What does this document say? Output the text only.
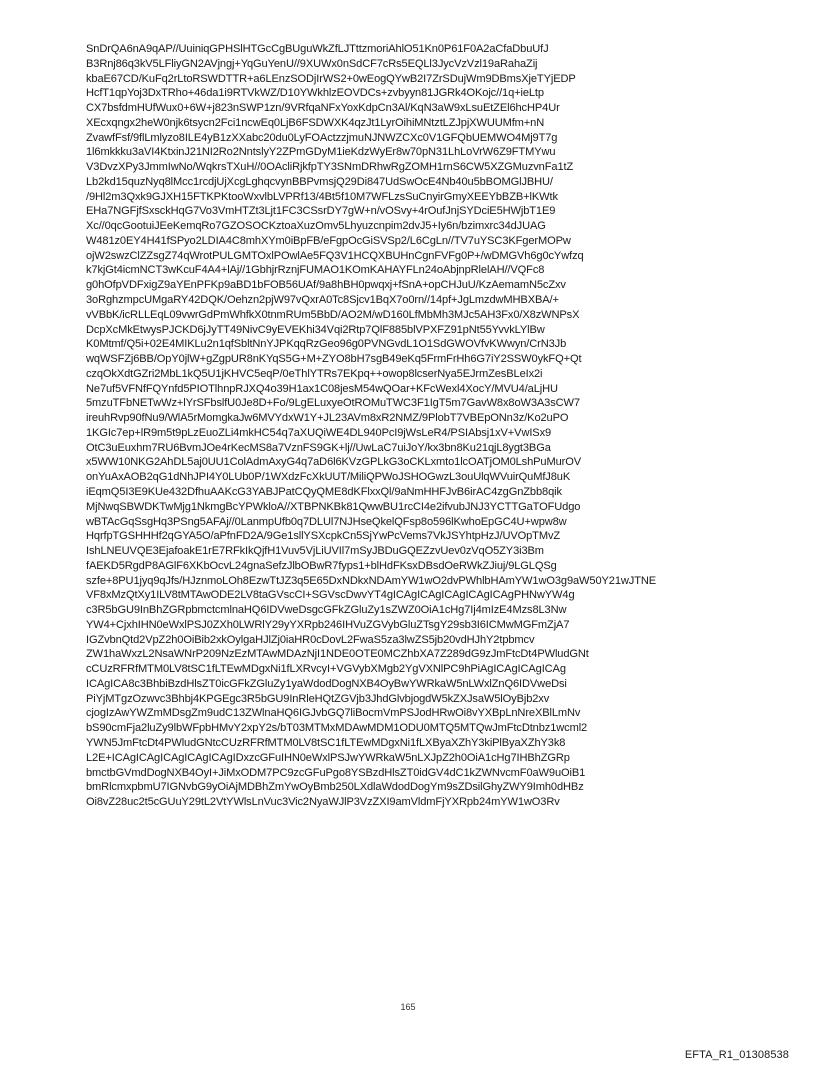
SnDrQA6nA9qAP//UuiniqGPHSlHTGcCgBUguWkZfLJTttzmoriAhlO51Kn0P61F0A2aCfaDbuUfJ
B3Rnj86q3kV5LFliyGN2AVjngj+YqGuYenU//9XUWx0nSdCF7cRs5EQLl3JycVzVzl19aRahaZij
kbaE67CD/KuFq2rLtoRSWDTTR+a6LEnzSODjIrWS2+0wEogQYwB2I7ZrSDujWm9DBmsXjeTYjEDP
HcfT1qpYoj3DxTRho+46da1i9RTVkWZ/D10YWkhlzEOVDCs+zvbyyn81JGRk4OKojc//1q+ieLtp
CX7bsfdmHUfWux0+6W+j823nSWP1zn/9VRfqaNFxYoxKdpCn3Al/KqN3aW9xLsuEtZEl6hcHP4Ur
XEcxqngx2heW0njk6tsycn2Fci1ncwEq0LjB6FSDWXK4qzJt1LyrOihiMNtztLZJpjXWUUMfm+nN
ZvawfFsf/9flLmlyzo8ILE4yB1zXXabc20du0LyFOActzzjmuNJNWZCXc0V1GFQbUEMWO4Mj9T7g
1l6mkkku3aVI4KtxinJ21NI2Ro2NntslyY2ZPmGDyM1ieKdzWyEr8w70pN31LhLoVrW6Z9FTMYwu
V3DvzXPy3JmmIwNo/WqkrsTXuH//0OAcliRjkfpTY3SNmDRhwRgZOMH1rnS6CW5XZGMuzvnFa1tZ
Lb2kd15quzNyq8lMcc1rcdjUjXcgLghqcvynBBPvmsjQ29Di847UdSwOcE4Nb40u5bBOMGlJBHU/
/9Hl2m3Qxk9GJXH15FTKPKtooWxvlbLVPRf13/4Bt5f10M7WFLzsSuCnyirGmyXEEYbBZB+lKWtk
EHa7NGFjfSxsckHqG7Vo3VmHTZt3Ljt1FC3CSsrDY7gW+n/vOSvy+4rOufJnjSYDciE5HWjbT1E9
Xc//0qcGootuiJEeKemqRo7GZOSOCKztoaXuzOmv5Lhyuzcnpim2dvJ5+Iy6n/bzimxrc34dJUAG
W481z0EY4H41fSPyo2LDIA4C8mhXYm0iBpFB/eFgpOcGiSVSp2/L6CgLn//TV7uYSC3KFgerMOPw
ojW2swzClZZsgZ74qWrotPULGMTOxlPOwlAe5FQ3V1HCQXBUHnCgnFVFg0P+/wDMGVh6g0cYwfzq
k7kjGt4icmNCT3wKcuF4A4+lAj//1GbhjrRznjFUMAO1KOmKAHAYFLn24oAbjnpRlelAH//VQFc8
g0hOfpVDFxigZ9aYEnPFKp9aBD1bFOB56UAf/9a8hBH0pwqxj+fSnA+opCHJuU/KzAemamN5cZxv
3oRghzmpcUMgaRY42DQK/Oehzn2pjW97vQxrA0Tc8Sjcv1BqX7o0rn//14pf+JgLmzdwMHBXBA/+
vVBbK/icRLLEqL09vwrGdPmWhfkX0tnmRUm5BbD/AO2M/wD160LfMbMh3MJc5AH3Fx0/X8zWNPsX
DcpXcMkEtwysPJCKD6jJyTT49NivC9yEVEKhi34Vqi2Rtp7QlF885blVPXFZ91pNt55YvvkLYlBw
K0Mtmf/Q5i+02E4MIKLu2n1qfSbltNnYJPKqqRzGeo96g0PVNGvdL1O1SdGWOVfvKWwyn/CrN3Jb
wqWSFZj6BB/OpY0jlW+gZgpUR8nKYqS5G+M+ZYO8bH7sgB49eKq5FrmFrHh6G7iY2SSW0ykFQ+Qt
czqOkXdtGZri2MbL1kQ5U1jKHVC5eqP/0eThlYTRs7EKpq++owop8lcserNya5EJrmZesBLeIx2i
Ne7uf5VFNfFQYnfd5PIOTlhnpRJXQ4o39H1ax1C08jesM54wQOar+KFcWexl4XocY/MVU4/aLjHU
5mzuTFbNETwWz+lYrSFbslfU0Je8D+Fo/9LgELuxyeOtROMuTWC3F1IgT5m7GavW8x8oW3A3sCW7
ireuhRvp90fNu9/WlA5rMomgkaJw6MVYdxW1Y+JL23AVm8xR2NMZ/9PlobT7VBEpONn3z/Ko2uPO
1KGIc7ep+lR9m5t9pLzEuoZLi4mkHC54q7aXUQiWE4DL940PcI9jWsLeR4/PSIAbsj1xV+VwISx9
OtC3uEuxhm7RU6BvmJOe4rKecMS8a7VznFS9GK+lj//UwLaC7uiJoY/kx3bn8Ku21qjL8ygt3BGa
x5WW10NKG2AhDL5aj0UU1ColAdmAxyG4q7aD6l6KVzGPLkG3oCKLxmto1lcOATjOM0LshPuMurOV
onYuAxAOB2qG1dNhJPI4Y0LUb0P/1WXdzFcXkUUT/MiliQPWoJSHOGwzL3ouUlqWVuirQuMfJ8uK
iEqmQ5I3E9KUe432DfhuAAKcG3YABJPatCQyQME8dKFlxxQl/9aNmHHFJvB6irAC4zgGnZbb8qik
MjNwqSBWDKTwMjg1NkmgBcYPWkloA//XTBPNKBk81QwwBU1rcCI4e2ifvubJNJ3YCTTGaTOFUdgo
wBTAcGqSsgHq3PSng5AFAj//0LanmpUfb0q7DLUl7NJHseQkelQFsp8o596lKwhoEpGC4U+wpw8w
HqrfpTGSHHHf2qGYA5O/aPfnFD2A/9Ge1sllYSXcpkCn5SjYwPcVems7VkJSYhtpHzJ/UVOpTMvZ
IshLNEUVQE3EjafoakE1rE7RFkIkQjfH1Vuv5VjLiUVIl7mSyJBDuGQEZzvUev0zVqO5ZY3i3Bm
fAEKD5RgdP8AGlF6XKbOcvL24gnaSefzJlbOBwR7fyps1+blHdFKsxDBsdOeRWkZJiuj/9LGLQSg
szfe+8PU1jyq9qJfs/HJznmoLOh8EzwTtJZ3q5E65DxNDkxNDAmYW1wO2dvPWhlbHAmYW1wO3g9aW50Y21wJTNE
VF8xMzQtXy1ILV8tMTAwODE2LV8taGVscCI+SGVscDwvYT4gICAgICAgICAgICAgICAgPHNwYW4g
c3R5bGU9InBhZGRpbmctcmlnaHQ6IDVweDsgcGFkZGluZy1sZWZ0OiA1cHg7Ij4mIzE4Mzs8L3Nw
YW4+CjxhIHN0eWxlPSJ0ZXh0LWRlY29yYXRpb246IHVuZGVybGluZTsgY29sb3I6ICMwMGFmZjA7
IGZvbnQtd2VpZ2h0OiBib2xkOylgaHJlZj0iaHR0cDovL2FwaS5za3lwZS5jb20vdHJhY2tpbmcv
ZW1haWxzL2NsaWNrP209NzEzMTAwMDAzNjI1NDE0OTE0MCZhbXA7Z289dG9zJmFtcDt4PWludGNt
cCUzRFRfMTM0LV8tSC1fLTEwMDgxNi1fLXRvcyI+VGVybXMgb2YgVXNlPC9hPiAgICAgICAgICAg
ICAgICA8c3BhbiBzdHlsZT0icGFkZGluZy1yaWdodDogNXB4OyBwYWRkaW5nLWxlZnQ6IDVweDsi
PiYjMTgzOzwvc3Bhbj4KPGEgc3R5bGU9InRleHQtZGVjb3JhdGlvbjogdW5kZXJsaW5lOyBjb2xv
cjogIzAwYWZmMDsgZm9udC13ZWlnaHQ6IGJvbGQ7liBocmVmPSJodHRwOi8vYXBpLnNreXBlLmNv
bS90cmFja2luZy9lbWFpbHMvY2xpY2s/bT03MTMxMDAwMDM1ODU0MTQ5MTQwJmFtcDtnbz1wcml2
YWN5JmFtcDt4PWludGNtcCUzRFRfMTM0LV8tSC1fLTEwMDgxNi1fLXByaXZhY3kiPlByaXZhY3k8
L2E+ICAgICAgICAgICAgICAgIDxzcGFuIHN0eWxlPSJwYWRkaW5nLXJpZ2h0OiA1cHg7IHBhZGRp
bmctbGVmdDogNXB4OyI+JiMxODM7PC9zcGFuPgo8YSBzdHlsZT0idGV4dC1kZWNvcmF0aW9uOiB1
bmRlcmxpbmU7IGNvbG9yOiAjMDBhZmYwOyBmb250LXdlaWdodDogYm9sZDsilGhyZWY9Imh0dHBz
Oi8vZ28uc2t5cGUuY29tL2VtYWlsLnVuc3Vic2NyaWJlP3VzZXI9amVldmFjYXRpb24mYW1wO3Rv
165
EFTA_R1_01308538
